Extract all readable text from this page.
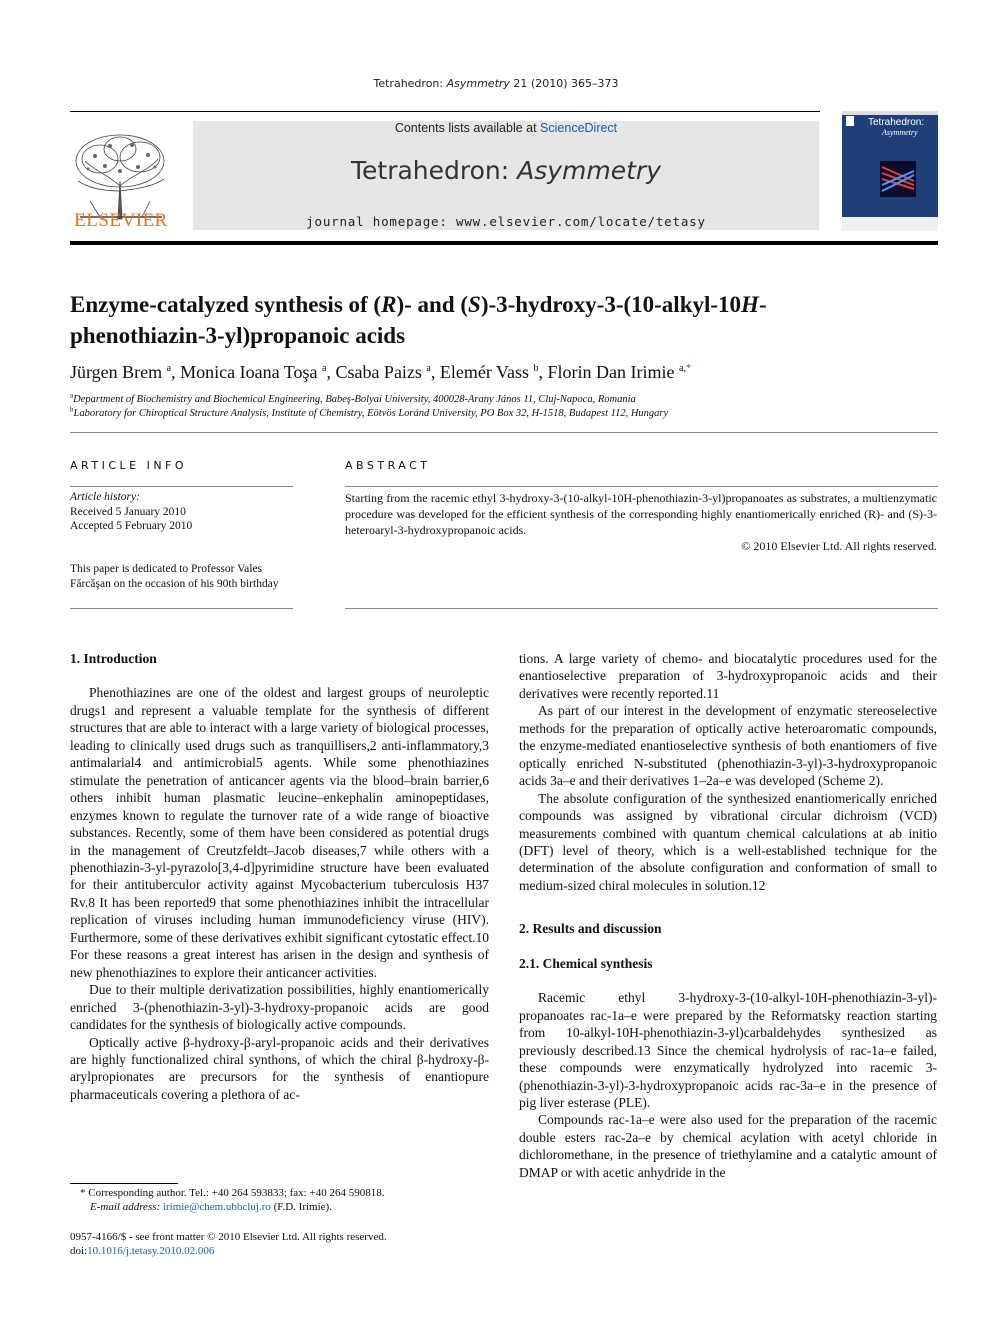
Tetrahedron: Asymmetry 21 (2010) 365–373
ELSEVIER
Contents lists available at ScienceDirect
Tetrahedron: Asymmetry
journal homepage: www.elsevier.com/locate/tetasy
Tetrahedron:
Asymmetry
Enzyme-catalyzed synthesis of (R)- and (S)-3-hydroxy-3-(10-alkyl-10H-
phenothiazin-3-yl)propanoic acids
Jürgen Brem $^a$, Monica Ioana Toşa $^a$, Csaba Paizs $^a$, Elemér Vass $^b$, Florin Dan Irimie $^{a,*}$
$^a$Department of Biochemistry and Biochemical Engineering, Babeş-Bolyai University, 400028-Arany János 11, Cluj-Napoca, Romania
$^b$Laboratory for Chiroptical Structure Analysis, Institute of Chemistry, Eötvös Loránd University, PO Box 32, H-1518, Budapest 112, Hungary
ARTICLE INFO
Article history:
Received 5 January 2010
Accepted 5 February 2010
This paper is dedicated to Professor Vales Fărcăşan on the occasion of his 90th birthday
ABSTRACT
Starting from the racemic ethyl 3-hydroxy-3-(10-alkyl-10H-phenothiazin-3-yl)propanoates as substrates, a multienzymatic procedure was developed for the efficient synthesis of the corresponding highly enantiomerically enriched (R)- and (S)-3-heteroaryl-3-hydroxypropanoic acids.
© 2010 Elsevier Ltd. All rights reserved.
1. Introduction

Phenothiazines are one of the oldest and largest groups of neuroleptic drugs1 and represent a valuable template for the synthesis of different structures that are able to interact with a large variety of biological processes, leading to clinically used drugs such as tranquillisers,2 anti-inflammatory,3 antimalarial4 and antimicrobial5 agents. While some phenothiazines stimulate the penetration of anticancer agents via the blood–brain barrier,6 others inhibit human plasmatic leucine–enkephalin aminopeptidases, enzymes known to regulate the turnover rate of a wide range of bioactive substances. Recently, some of them have been considered as potential drugs in the management of Creutzfeldt–Jacob diseases,7 while others with a phenothiazin-3-yl-pyrazolo[3,4-d]pyrimidine structure have been evaluated for their antituberculor activity against Mycobacterium tuberculosis H37 Rv.8 It has been reported9 that some phenothiazines inhibit the intracellular replication of viruses including human immunodeficiency viruse (HIV). Furthermore, some of these derivatives exhibit significant cytostatic effect.10 For these reasons a great interest has arisen in the design and synthesis of new phenothiazines to explore their anticancer activities.

Due to their multiple derivatization possibilities, highly enantiomerically enriched 3-(phenothiazin-3-yl)-3-hydroxy-propanoic acids are good candidates for the synthesis of biologically active compounds.

Optically active β-hydroxy-β-aryl-propanoic acids and their derivatives are highly functionalized chiral synthons, of which the chiral β-hydroxy-β-arylpropionates are precursors for the synthesis of enantiopure pharmaceuticals covering a plethora of ac-

tions. A large variety of chemo- and biocatalytic procedures used for the enantioselective preparation of 3-hydroxypropanoic acids and their derivatives were recently reported.11

As part of our interest in the development of enzymatic stereoselective methods for the preparation of optically active heteroaromatic compounds, the enzyme-mediated enantioselective synthesis of both enantiomers of five optically enriched N-substituted (phenothiazin-3-yl)-3-hydroxypropanoic acids 3a–e and their derivatives 1–2a–e was developed (Scheme 2).

The absolute configuration of the synthesized enantiomerically enriched compounds was assigned by vibrational circular dichroism (VCD) measurements combined with quantum chemical calculations at ab initio (DFT) level of theory, which is a well-established technique for the determination of the absolute configuration and conformation of small to medium-sized chiral molecules in solution.12

2. Results and discussion
2.1. Chemical synthesis

Racemic ethyl 3-hydroxy-3-(10-alkyl-10H-phenothiazin-3-yl)-propanoates rac-1a–e were prepared by the Reformatsky reaction starting from 10-alkyl-10H-phenothiazin-3-yl)carbaldehydes synthesized as previously described.13 Since the chemical hydrolysis of rac-1a–e failed, these compounds were enzymatically hydrolyzed into racemic 3-(phenothiazin-3-yl)-3-hydroxypropanoic acids rac-3a–e in the presence of pig liver esterase (PLE).

Compounds rac-1a–e were also used for the preparation of the racemic double esters rac-2a–e by chemical acylation with acetyl chloride in dichloromethane, in the presence of triethylamine and a catalytic amount of DMAP or with acetic anhydride in the

* Corresponding author. Tel.: +40 264 593833; fax: +40 264 590818.
E-mail address: irimie@chem.ubbcluj.ro (F.D. Irimie).
0957-4166/$ - see front matter © 2010 Elsevier Ltd. All rights reserved.
doi:10.1016/j.tetasy.2010.02.006
